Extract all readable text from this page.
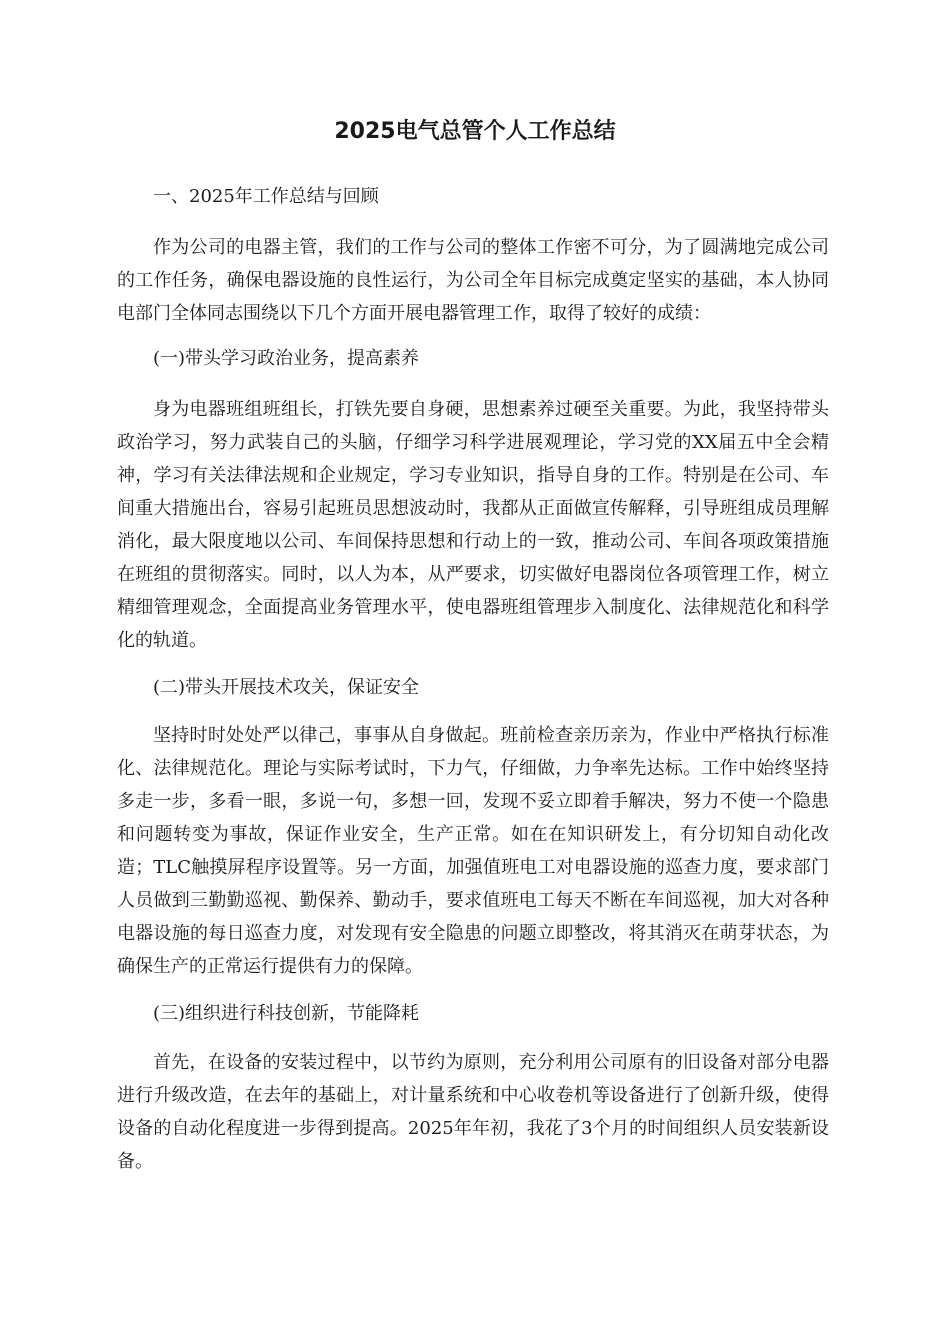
2025电气总管个人工作总结

一、2025年工作总结与回顾

作为公司的电器主管，我们的工作与公司的整体工作密不可分，为了圆满地完成公司的工作任务，确保电器设施的良性运行，为公司全年目标完成奠定坚实的基础，本人协同电部门全体同志围绕以下几个方面开展电器管理工作，取得了较好的成绩：

(一)带头学习政治业务，提高素养

身为电器班组班组长，打铁先要自身硬，思想素养过硬至关重要。为此，我坚持带头政治学习，努力武装自己的头脑，仔细学习科学进展观理论，学习党的XX届五中全会精神，学习有关法律法规和企业规定，学习专业知识，指导自身的工作。特别是在公司、车间重大措施出台，容易引起班员思想波动时，我都从正面做宣传解释，引导班组成员理解消化，最大限度地以公司、车间保持思想和行动上的一致，推动公司、车间各项政策措施在班组的贯彻落实。同时，以人为本，从严要求，切实做好电器岗位各项管理工作，树立精细管理观念，全面提高业务管理水平，使电器班组管理步入制度化、法律规范化和科学化的轨道。

(二)带头开展技术攻关，保证安全

坚持时时处处严以律己，事事从自身做起。班前检查亲历亲为，作业中严格执行标准化、法律规范化。理论与实际考试时，下力气，仔细做，力争率先达标。工作中始终坚持多走一步，多看一眼，多说一句，多想一回，发现不妥立即着手解决，努力不使一个隐患和问题转变为事故，保证作业安全，生产正常。如在在知识研发上，有分切知自动化改造；TLC触摸屏程序设置等。另一方面，加强值班电工对电器设施的巡查力度，要求部门人员做到三勤勤巡视、勤保养、勤动手，要求值班电工每天不断在车间巡视，加大对各种电器设施的每日巡查力度，对发现有安全隐患的问题立即整改，将其消灭在萌芽状态，为确保生产的正常运行提供有力的保障。

(三)组织进行科技创新，节能降耗

首先，在设备的安装过程中，以节约为原则，充分利用公司原有的旧设备对部分电器进行升级改造，在去年的基础上，对计量系统和中心收卷机等设备进行了创新升级，使得设备的自动化程度进一步得到提高。2025年年初，我花了3个月的时间组织人员安装新设备。
